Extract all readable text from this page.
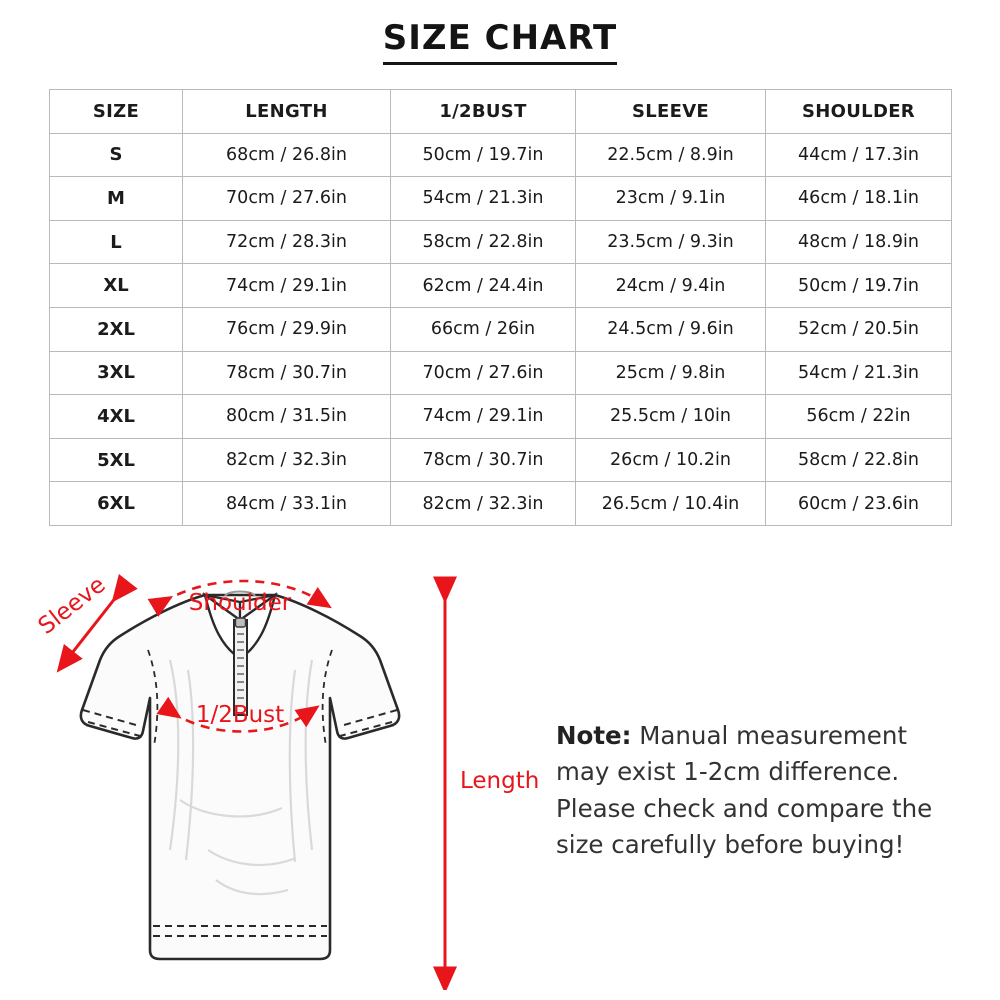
SIZE CHART
SIZE	LENGTH	1/2BUST	SLEEVE	SHOULDER
S	68cm / 26.8in	50cm / 19.7in	22.5cm / 8.9in	44cm / 17.3in
M	70cm / 27.6in	54cm / 21.3in	23cm / 9.1in	46cm / 18.1in
L	72cm / 28.3in	58cm / 22.8in	23.5cm / 9.3in	48cm / 18.9in
XL	74cm / 29.1in	62cm / 24.4in	24cm / 9.4in	50cm / 19.7in
2XL	76cm / 29.9in	66cm / 26in	24.5cm / 9.6in	52cm / 20.5in
3XL	78cm / 30.7in	70cm / 27.6in	25cm / 9.8in	54cm / 21.3in
4XL	80cm / 31.5in	74cm / 29.1in	25.5cm / 10in	56cm / 22in
5XL	82cm / 32.3in	78cm / 30.7in	26cm / 10.2in	58cm / 22.8in
6XL	84cm / 33.1in	82cm / 32.3in	26.5cm / 10.4in	60cm / 23.6in
Sleeve	Shoulder
1/2Bust
Length
Note: Manual measurement may exist 1-2cm difference. Please check and compare the size carefully before buying!
